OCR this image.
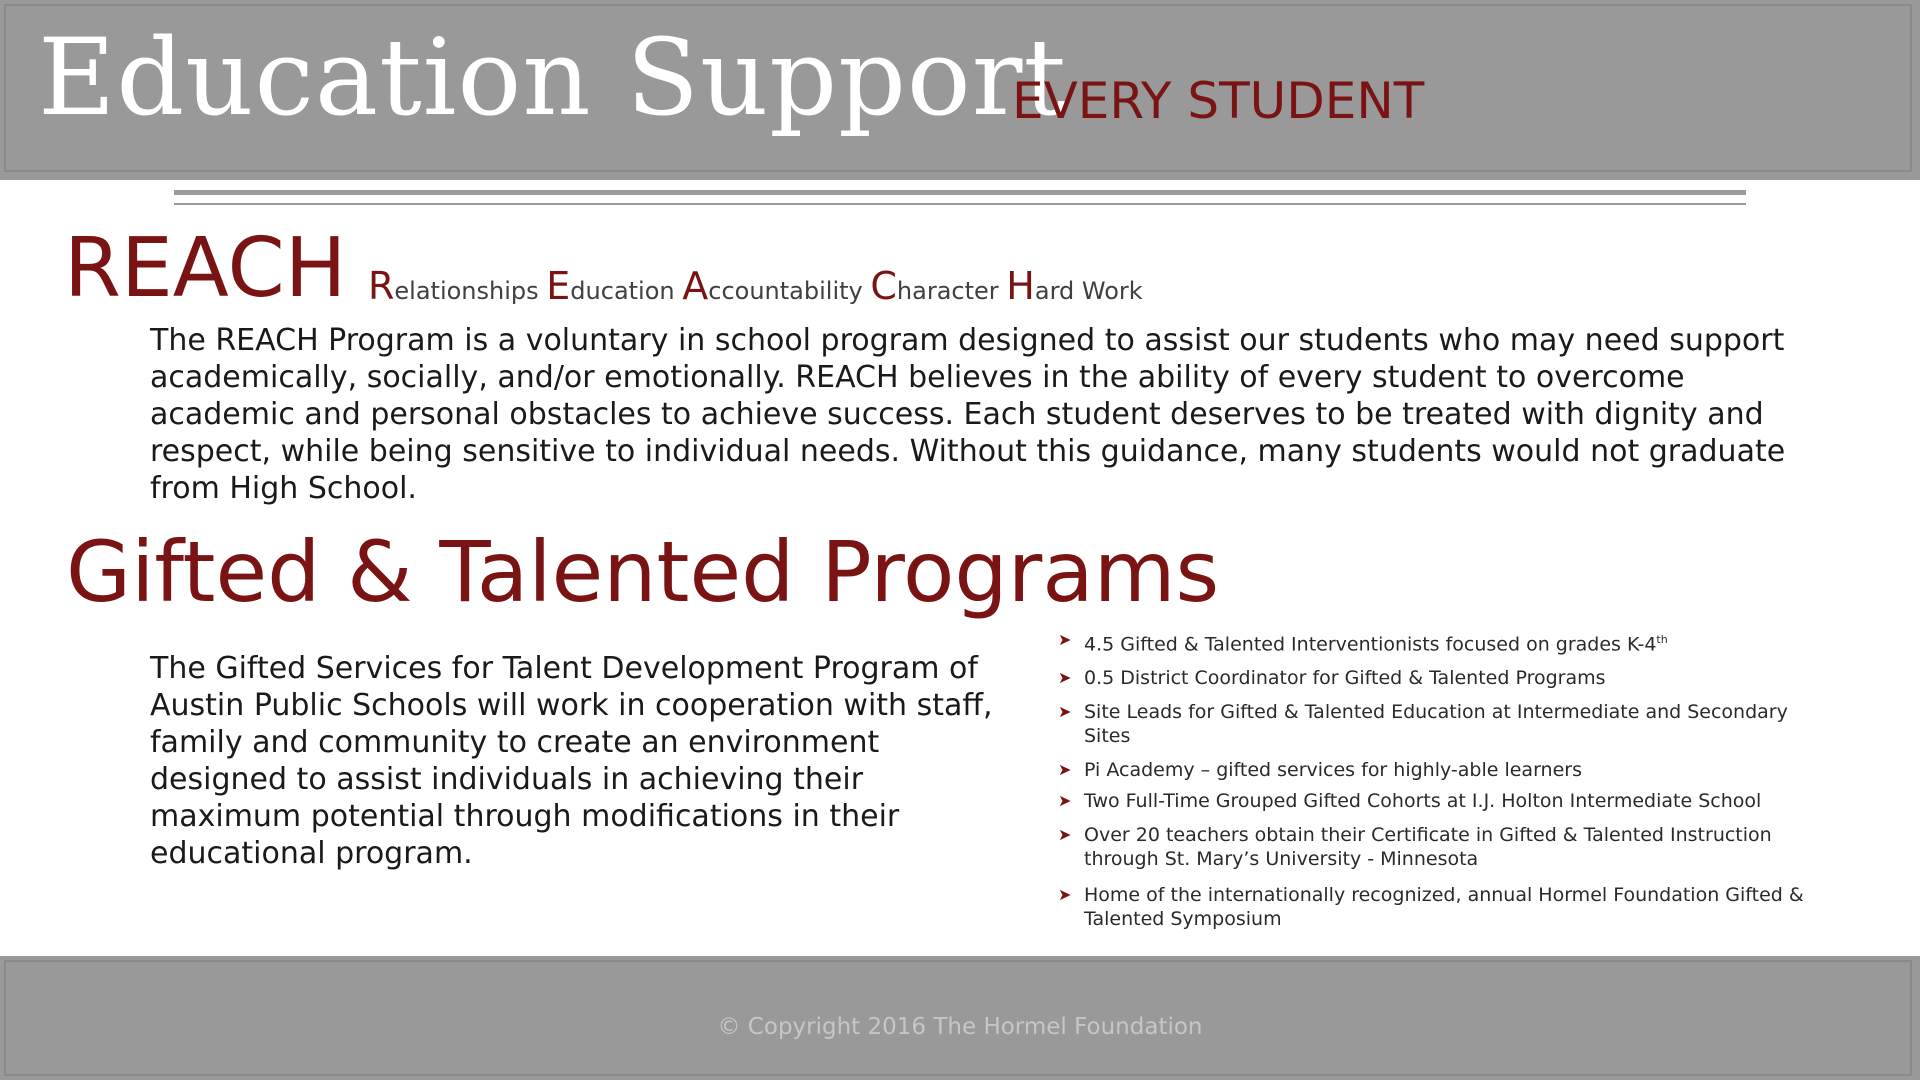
Education Support
EVERY STUDENT
REACH Relationships Education Accountability Character Hard Work
The REACH Program is a voluntary in school program designed to assist our students who may need support academically, socially, and/or emotionally. REACH believes in the ability of every student to overcome academic and personal obstacles to achieve success. Each student deserves to be treated with dignity and respect, while being sensitive to individual needs. Without this guidance, many students would not graduate from High School.
Gifted & Talented Programs
The Gifted Services for Talent Development Program of Austin Public Schools will work in cooperation with staff, family and community to create an environment designed to assist individuals in achieving their maximum potential through modifications in their educational program.
➤ 4.5 Gifted & Talented Interventionists focused on grades K-4th
➤ 0.5 District Coordinator for Gifted & Talented Programs
➤ Site Leads for Gifted & Talented Education at Intermediate and Secondary Sites
➤ Pi Academy – gifted services for highly-able learners
➤ Two Full-Time Grouped Gifted Cohorts at I.J. Holton Intermediate School
➤ Over 20 teachers obtain their Certificate in Gifted & Talented Instruction through St. Mary’s University - Minnesota
➤ Home of the internationally recognized, annual Hormel Foundation Gifted & Talented Symposium
© Copyright 2016 The Hormel Foundation
